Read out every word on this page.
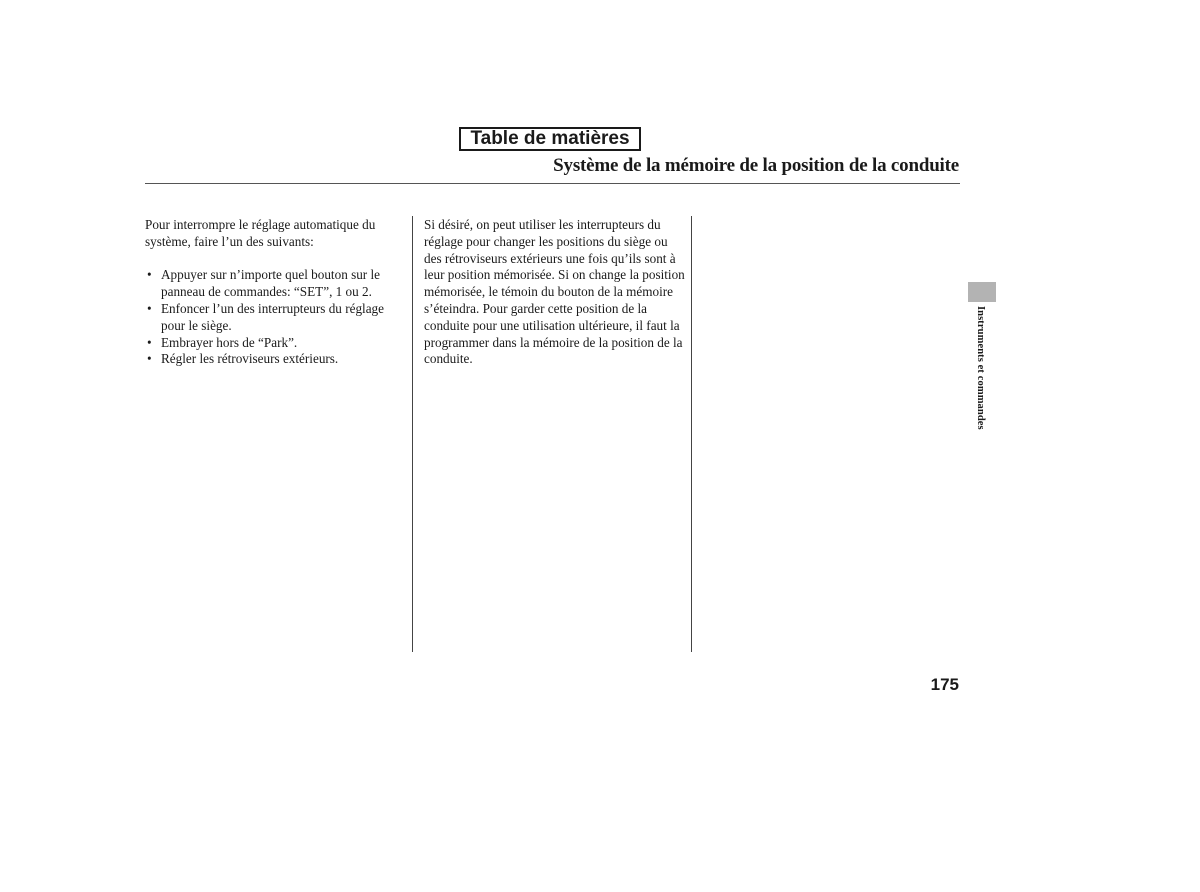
Table de matières
Système de la mémoire de la position de la conduite

Pour interrompre le réglage automatique du système, faire l’un des suivants:

• Appuyer sur n’importe quel bouton sur le panneau de commandes: “SET”, 1 ou 2.
• Enfoncer l’un des interrupteurs du réglage pour le siège.
• Embrayer hors de “Park”.
• Régler les rétroviseurs extérieurs.

Si désiré, on peut utiliser les interrupteurs du réglage pour changer les positions du siège ou des rétroviseurs extérieurs une fois qu’ils sont à leur position mémorisée. Si on change la position mémorisée, le témoin du bouton de la mémoire s’éteindra. Pour garder cette position de la conduite pour une utilisation ultérieure, il faut la programmer dans la mémoire de la position de la conduite.	Instruments et commandes
175
